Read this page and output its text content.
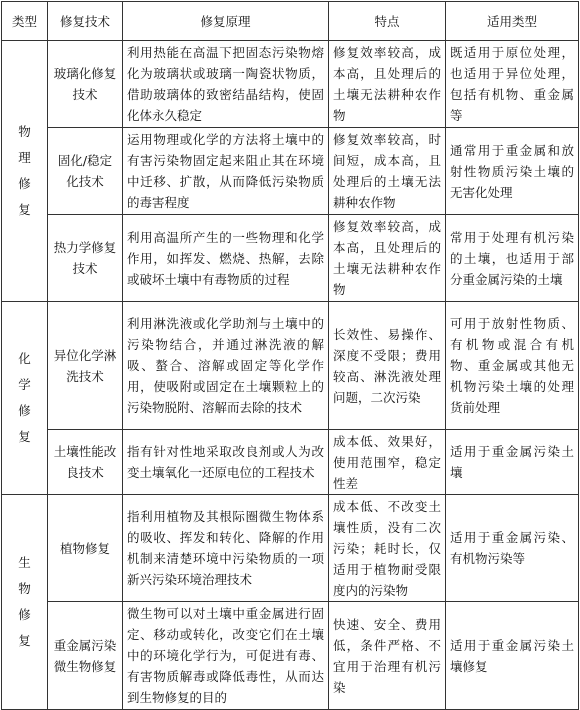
类型	修复技术	修复原理	特点	适用类型

物
理
修
复	玻璃化修复技术	利用热能在高温下把固态污染物熔化为玻璃状或玻璃一陶瓷状物质，借助玻璃体的致密结晶结构，使固化体永久稳定	修复效率较高，成本高，且处理后的土壤无法耕种农作物	既适用于原位处理，也适用于异位处理，包括有机物、重金属等
	固化/稳定化技术	运用物理或化学的方法将土壤中的有害污染物固定起来阻止其在环境中迁移、扩散，从而降低污染物质的毒害程度	修复效率较高，时间短，成本高，且处理后的土壤无法耕种农作物	通常用于重金属和放射性物质污染土壤的无害化处理
	热力学修复技术	利用高温所产生的一些物理和化学作用，如挥发、燃烧、热解，去除或破坏土壤中有毒物质的过程	修复效率较高，成本高，且处理后的土壤无法耕种农作物	常用于处理有机污染的土壤，也适用于部分重金属污染的土壤

化
学
修
复	异位化学淋洗技术	利用淋洗液或化学助剂与土壤中的污染物结合，并通过淋洗液的解吸、螯合、溶解或固定等化学作用，使吸附或固定在土壤颗粒上的污染物脱附、溶解而去除的技术	长效性、易操作、深度不受限；费用较高、淋洗液处理问题，二次污染	可用于放射性物质、有机物或混合有机物、重金属或其他无机物污染土壤的处理货前处理
	土壤性能改良技术	指有针对性地采取改良剂或人为改变土壤氧化一还原电位的工程技术	成本低、效果好，使用范围窄，稳定性差	适用于重金属污染土壤

生
物
修
复	植物修复	指利用植物及其根际圈微生物体系的吸收、挥发和转化、降解的作用机制来清楚环境中污染物质的一项新兴污染环境治理技术	成本低、不改变土壤性质，没有二次污染；耗时长，仅适用于植物耐受限度内的污染物	适用于重金属污染、有机物污染等
	重金属污染微生物修复	微生物可以对土壤中重金属进行固定、移动或转化，改变它们在土壤中的环境化学行为，可促进有毒、有害物质解毒或降低毒性，从而达到生物修复的目的	快速、安全、费用低，条件严格、不宜用于治理有机污染	适用于重金属污染土壤修复
